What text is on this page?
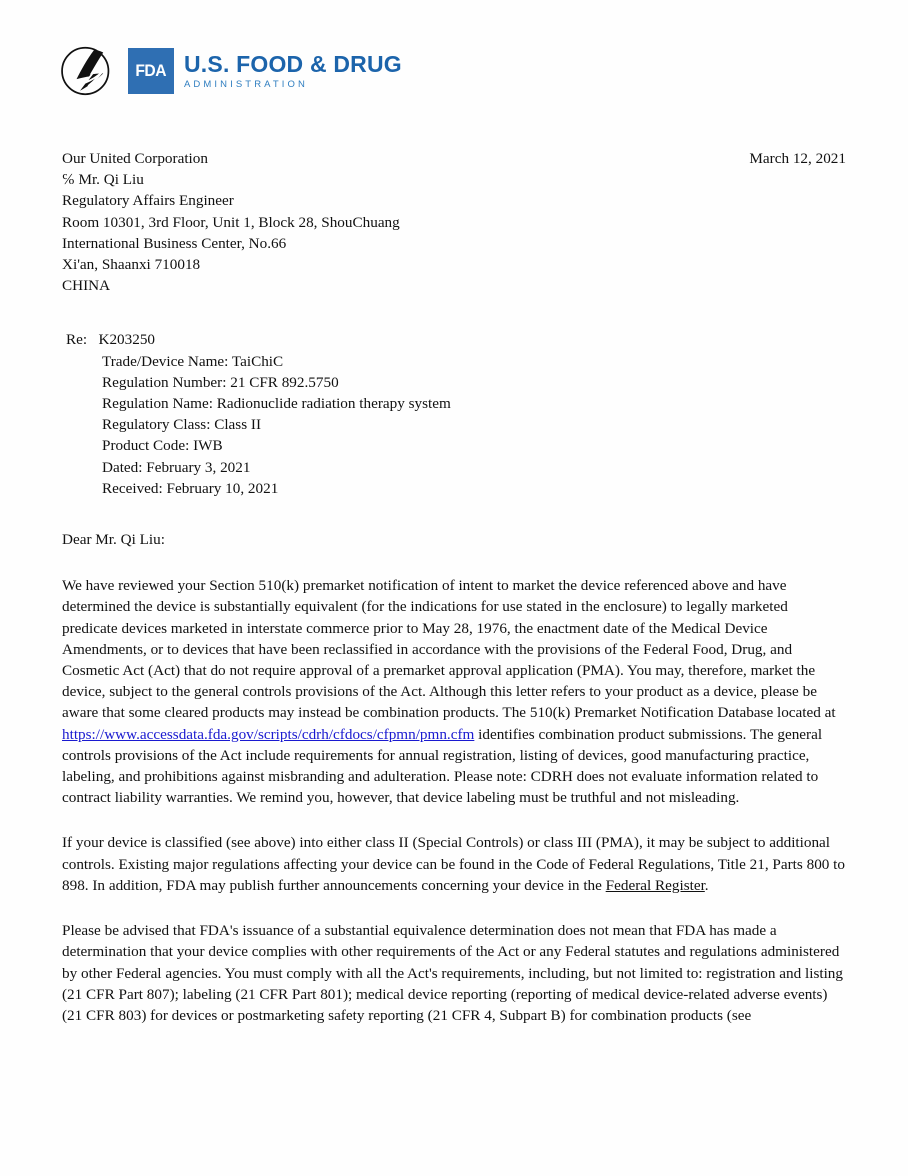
FDA U.S. FOOD & DRUG
ADMINISTRATION
Our United Corporation
℅ Mr. Qi Liu
Regulatory Affairs Engineer
Room 10301, 3rd Floor, Unit 1, Block 28, ShouChuang
International Business Center, No.66
Xi'an, Shaanxi 710018
CHINA
March 12, 2021
Re: K203250
Trade/Device Name: TaiChiC
Regulation Number: 21 CFR 892.5750
Regulation Name: Radionuclide radiation therapy system
Regulatory Class: Class II
Product Code: IWB
Dated: February 3, 2021
Received: February 10, 2021
Dear Mr. Qi Liu:

We have reviewed your Section 510(k) premarket notification of intent to market the device referenced above and have determined the device is substantially equivalent (for the indications for use stated in the enclosure) to legally marketed predicate devices marketed in interstate commerce prior to May 28, 1976, the enactment date of the Medical Device Amendments, or to devices that have been reclassified in accordance with the provisions of the Federal Food, Drug, and Cosmetic Act (Act) that do not require approval of a premarket approval application (PMA). You may, therefore, market the device, subject to the general controls provisions of the Act. Although this letter refers to your product as a device, please be aware that some cleared products may instead be combination products. The 510(k) Premarket Notification Database located at https://www.accessdata.fda.gov/scripts/cdrh/cfdocs/cfpmn/pmn.cfm identifies combination product submissions. The general controls provisions of the Act include requirements for annual registration, listing of devices, good manufacturing practice, labeling, and prohibitions against misbranding and adulteration. Please note: CDRH does not evaluate information related to contract liability warranties. We remind you, however, that device labeling must be truthful and not misleading.

If your device is classified (see above) into either class II (Special Controls) or class III (PMA), it may be subject to additional controls. Existing major regulations affecting your device can be found in the Code of Federal Regulations, Title 21, Parts 800 to 898. In addition, FDA may publish further announcements concerning your device in the Federal Register.

Please be advised that FDA's issuance of a substantial equivalence determination does not mean that FDA has made a determination that your device complies with other requirements of the Act or any Federal statutes and regulations administered by other Federal agencies. You must comply with all the Act's requirements, including, but not limited to: registration and listing (21 CFR Part 807); labeling (21 CFR Part 801); medical device reporting (reporting of medical device-related adverse events) (21 CFR 803) for devices or postmarketing safety reporting (21 CFR 4, Subpart B) for combination products (see
